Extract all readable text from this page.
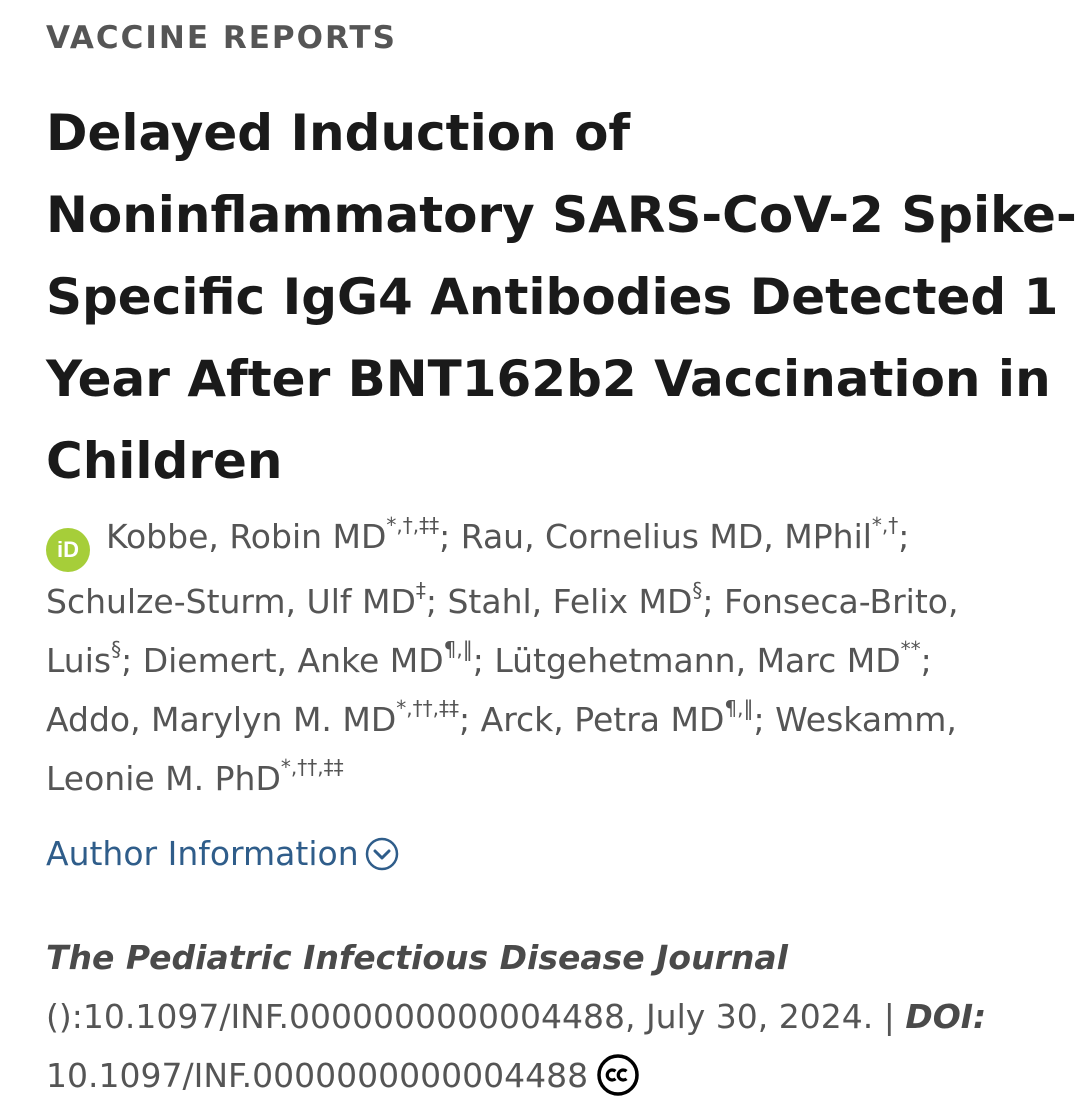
VACCINE REPORTS
Delayed Induction of
Noninflammatory SARS-CoV-2 Spike-
Specific IgG4 Antibodies Detected 1
Year After BNT162b2 Vaccination in
Children
iD Kobbe, Robin MD*,†,‡‡; Rau, Cornelius MD, MPhil*,†;
Schulze-Sturm, Ulf MD‡; Stahl, Felix MD§; Fonseca-Brito,
Luis§; Diemert, Anke MD¶,‖; Lütgehetmann, Marc MD**;
Addo, Marylyn M. MD*,††,‡‡; Arck, Petra MD¶,‖; Weskamm,
Leonie M. PhD*,††,‡‡
Author Information
The Pediatric Infectious Disease Journal
():10.1097/INF.0000000000004488, July 30, 2024. | DOI:
10.1097/INF.0000000000004488
